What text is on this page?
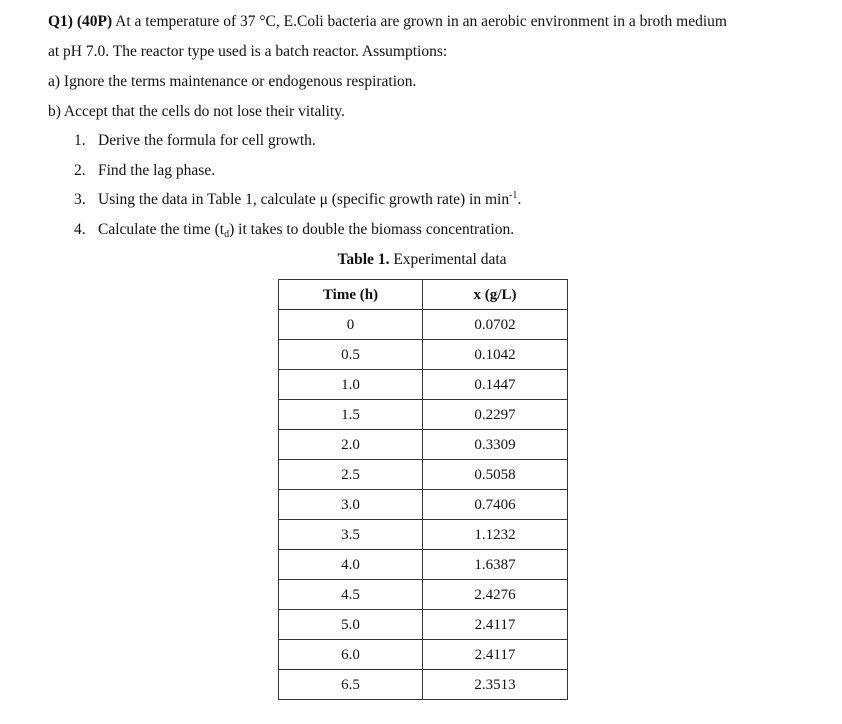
Q1) (40P) At a temperature of 37 °C, E.Coli bacteria are grown in an aerobic environment in a broth medium
at pH 7.0. The reactor type used is a batch reactor. Assumptions:
a) Ignore the terms maintenance or endogenous respiration.
b) Accept that the cells do not lose their vitality.
1. Derive the formula for cell growth.
2. Find the lag phase.
3. Using the data in Table 1, calculate μ (specific growth rate) in $\min^{-1}$.
4. Calculate the time $(t_d)$ it takes to double the biomass concentration.
Table 1. Experimental data
Time (h)	x (g/L)
0	0.0702
0.5	0.1042
1.0	0.1447
1.5	0.2297
2.0	0.3309
2.5	0.5058
3.0	0.7406
3.5	1.1232
4.0	1.6387
4.5	2.4276
5.0	2.4117
6.0	2.4117
6.5	2.3513
